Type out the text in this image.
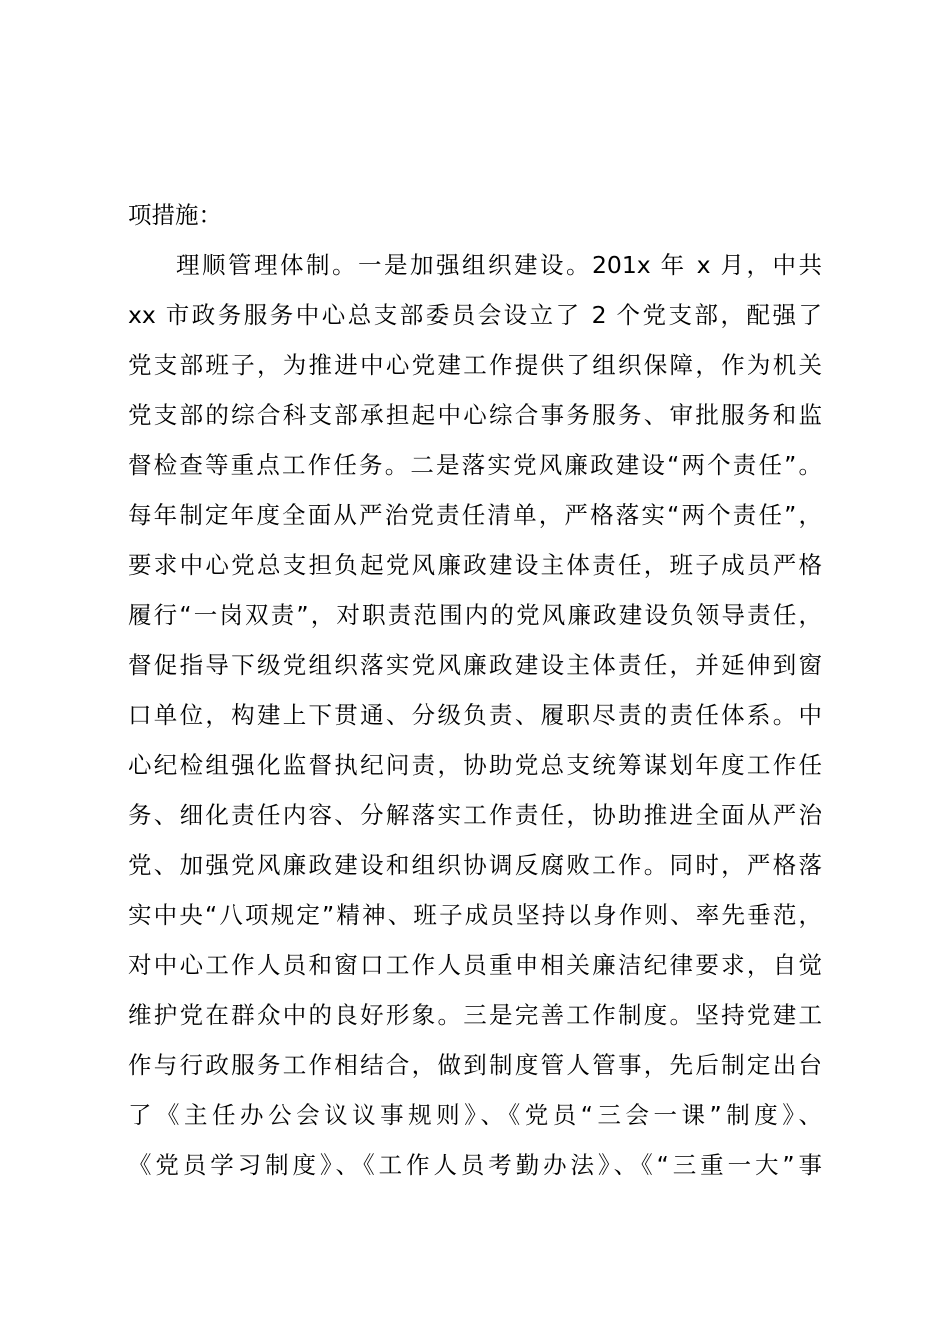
项措施：
理顺管理体制。一是加强组织建设。201x 年 x 月，中共
xx 市政务服务中心总支部委员会设立了 2 个党支部，配强了
党支部班子，为推进中心党建工作提供了组织保障，作为机关
党支部的综合科支部承担起中心综合事务服务、审批服务和监
督检查等重点工作任务。二是落实党风廉政建设“两个责任”。
每年制定年度全面从严治党责任清单，严格落实“两个责任”，
要求中心党总支担负起党风廉政建设主体责任，班子成员严格
履行“一岗双责”，对职责范围内的党风廉政建设负领导责任，
督促指导下级党组织落实党风廉政建设主体责任，并延伸到窗
口单位，构建上下贯通、分级负责、履职尽责的责任体系。中
心纪检组强化监督执纪问责，协助党总支统筹谋划年度工作任
务、细化责任内容、分解落实工作责任，协助推进全面从严治
党、加强党风廉政建设和组织协调反腐败工作。同时，严格落
实中央“八项规定”精神、班子成员坚持以身作则、率先垂范，
对中心工作人员和窗口工作人员重申相关廉洁纪律要求，自觉
维护党在群众中的良好形象。三是完善工作制度。坚持党建工
作与行政服务工作相结合，做到制度管人管事，先后制定出台
了《主任办公会议议事规则》、《党员“三会一课”制度》、
《党员学习制度》、《工作人员考勤办法》、《“三重一大”事
